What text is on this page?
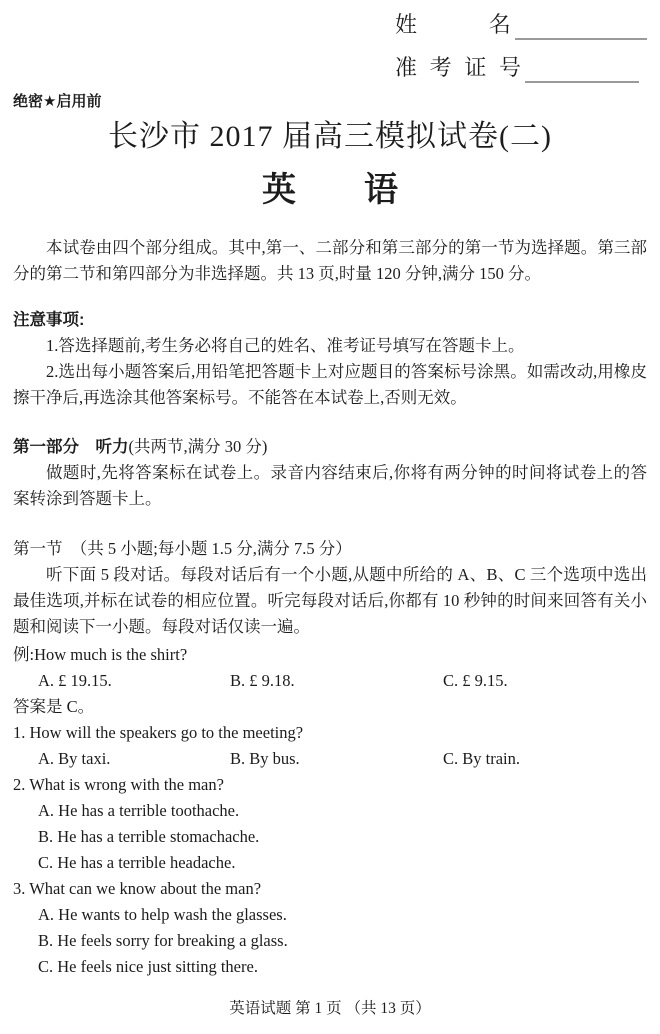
姓名
准考证号
绝密★启用前
长沙市 2017 届高三模拟试卷(二)
英　　语

本试卷由四个部分组成。其中,第一、二部分和第三部分的第一节为选择题。第三部分的第二节和第四部分为非选择题。共 13 页,时量 120 分钟,满分 150 分。

注意事项:

1.答选择题前,考生务必将自己的姓名、准考证号填写在答题卡上。

2.选出每小题答案后,用铅笔把答题卡上对应题目的答案标号涂黑。如需改动,用橡皮擦干净后,再选涂其他答案标号。不能答在本试卷上,否则无效。

第一部分　听力(共两节,满分 30 分)

做题时,先将答案标在试卷上。录音内容结束后,你将有两分钟的时间将试卷上的答案转涂到答题卡上。

第一节　（共 5 小题;每小题 1.5 分,满分 7.5 分）

听下面 5 段对话。每段对话后有一个小题,从题中所给的 A、B、C 三个选项中选出最佳选项,并标在试卷的相应位置。听完每段对话后,你都有 10 秒钟的时间来回答有关小题和阅读下一小题。每段对话仅读一遍。

例:How much is the shirt?
A. £ 19.15.	B. £ 9.18.	C. £ 9.15.
答案是 C。
1. How will the speakers go to the meeting?
A. By taxi.	B. By bus.	C. By train.
2. What is wrong with the man?
A. He has a terrible toothache.
B. He has a terrible stomachache.
C. He has a terrible headache.
3. What can we know about the man?
A. He wants to help wash the glasses.
B. He feels sorry for breaking a glass.
C. He feels nice just sitting there.
英语试题 第 1 页 （共 13 页）
